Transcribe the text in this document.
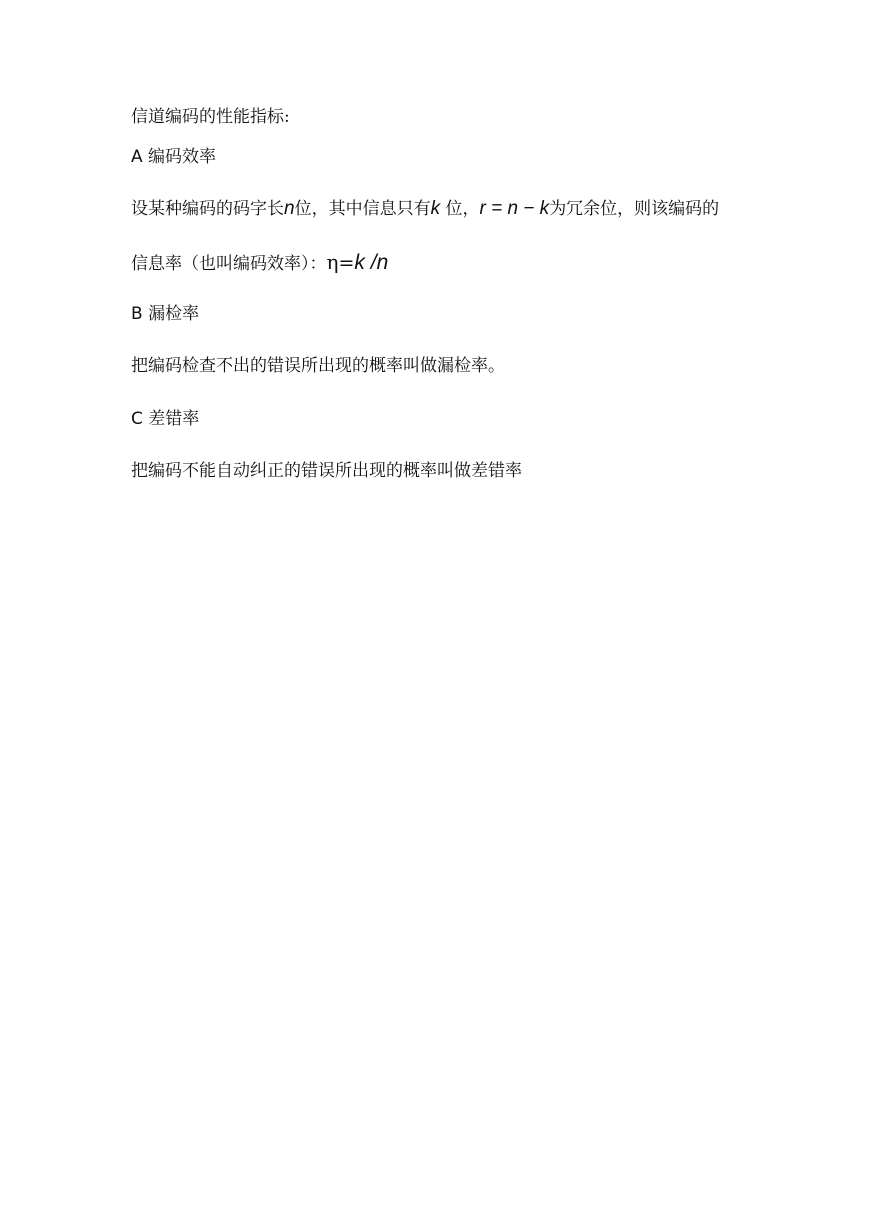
信道编码的性能指标:
A 编码效率
设某种编码的码字长n位，其中信息只有k 位，r = n − k为冗余位，则该编码的
信息率（也叫编码效率）：η=k /n
B 漏检率
把编码检查不出的错误所出现的概率叫做漏检率。
C 差错率
把编码不能自动纠正的错误所出现的概率叫做差错率
